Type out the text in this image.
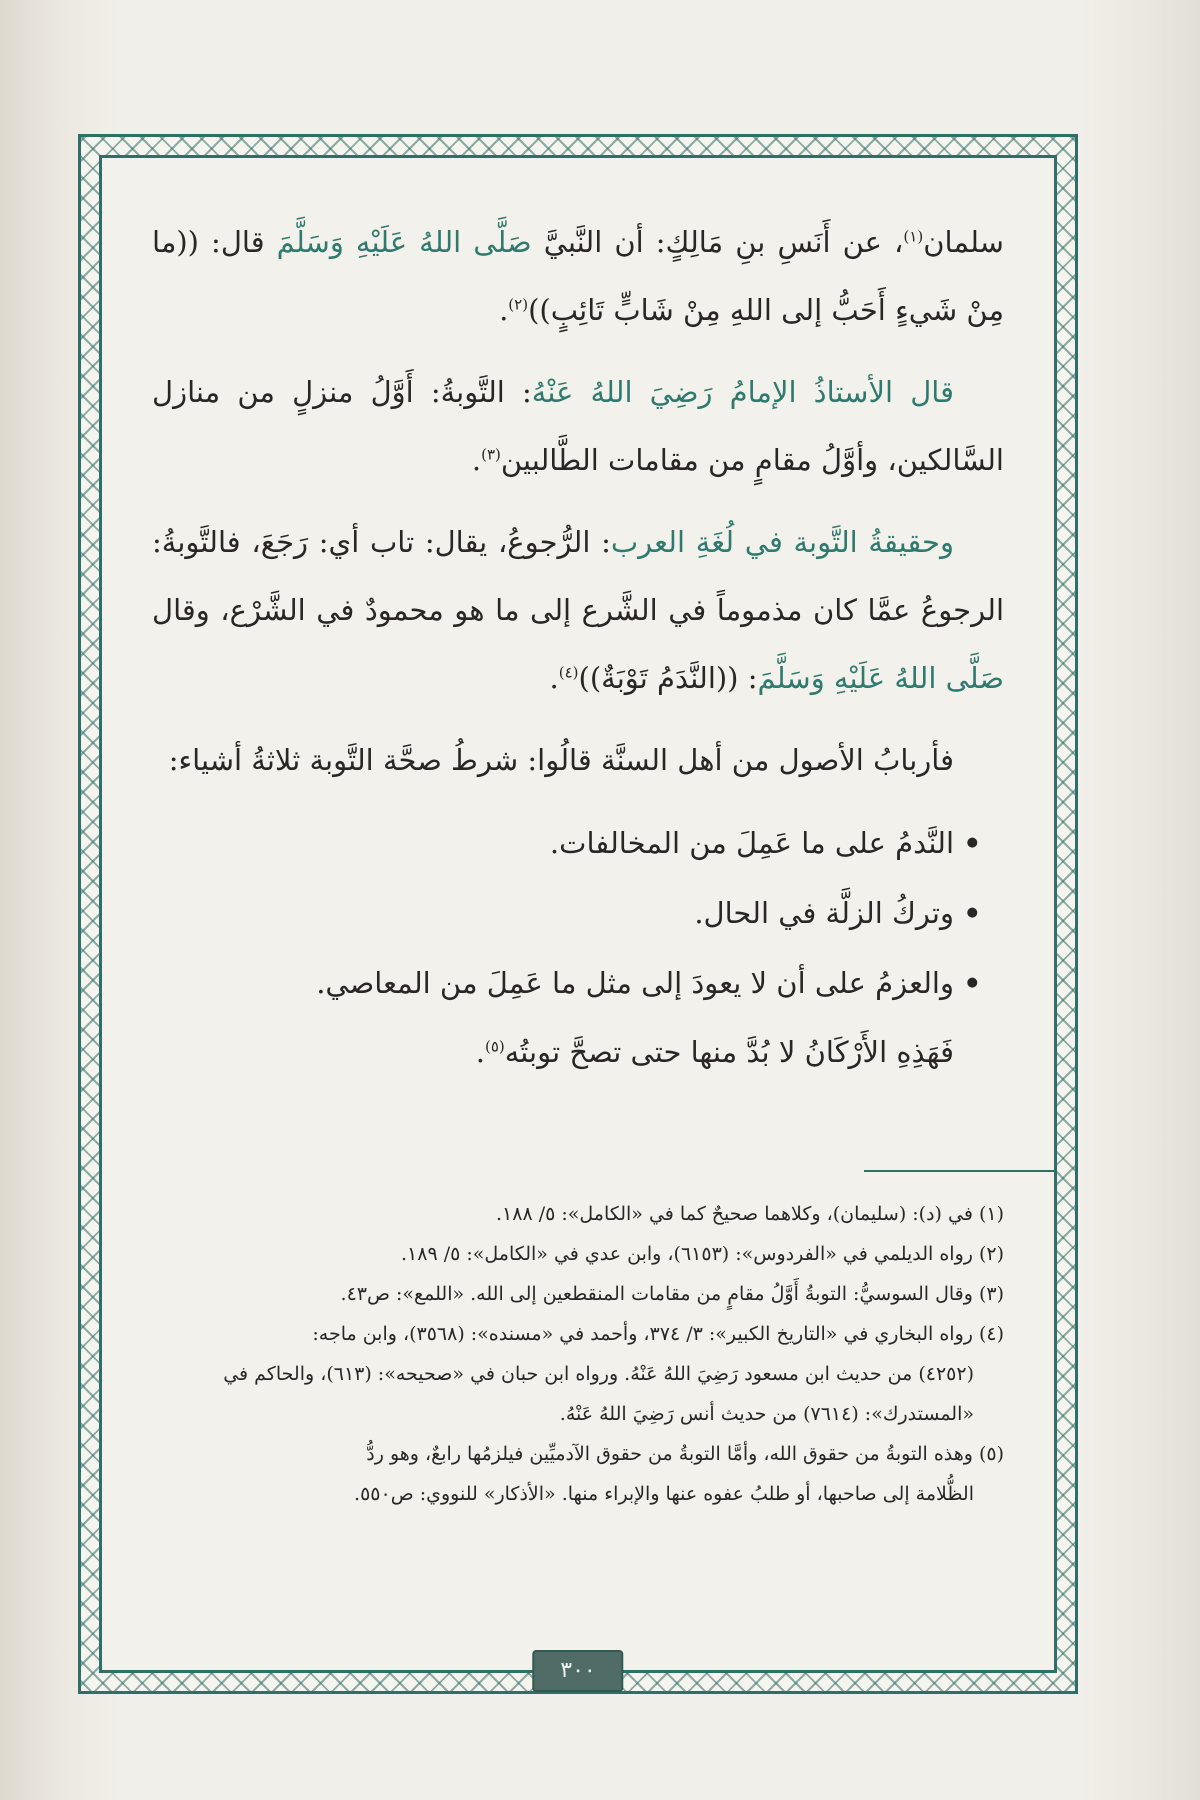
سلمان$^{(١)}$، عن أَنَسِ بنِ مَالِكٍ: أن النَّبيَّ صَلَّى اللهُ عَلَيْهِ وَسَلَّمَ قال: ((ما مِنْ شَيءٍ أَحَبُّ إلى اللهِ مِنْ شَابٍّ تَائِبٍ))$^{(٢)}$.

قال الأستاذُ الإمامُ رَضِيَ اللهُ عَنْهُ: التَّوبةُ: أَوَّلُ منزلٍ من منازل السَّالكين، وأوَّلُ مقامٍ من مقامات الطَّالبين$^{(٣)}$.

وحقيقةُ التَّوبة في لُغَةِ العرب: الرُّجوعُ، يقال: تاب أي: رَجَعَ، فالتَّوبةُ: الرجوعُ عمَّا كان مذموماً في الشَّرع إلى ما هو محمودٌ في الشَّرْع، وقال صَلَّى اللهُ عَلَيْهِ وَسَلَّمَ: ((النَّدَمُ تَوْبَةٌ))$^{(٤)}$.

فأربابُ الأصول من أهل السنَّة قالُوا: شرطُ صحَّة التَّوبة ثلاثةُ أشياء:

● النَّدمُ على ما عَمِلَ من المخالفات.
● وتركُ الزلَّة في الحال.
● والعزمُ على أن لا يعودَ إلى مثل ما عَمِلَ من المعاصي.

فَهَذِهِ الأَرْكَانُ لا بُدَّ منها حتى تصحَّ توبتُه$^{(٥)}$.

(١)في (د): (سليمان)، وكلاهما صحيحٌ كما في «الكامل»: ٥/ ١٨٨.

(٢)رواه الديلمي في «الفردوس»: (٦١٥٣)، وابن عدي في «الكامل»: ٥/ ١٨٩.

(٣)وقال السوسيُّ: التوبةُ أَوَّلُ مقامٍ من مقامات المنقطعين إلى الله. «اللمع»: ص٤٣.

(٤)رواه البخاري في «التاريخ الكبير»: ٣/ ٣٧٤، وأحمد في «مسنده»: (٣٥٦٨)، وابن ماجه:
(٤٢٥٢) من حديث ابن مسعود رَضِيَ اللهُ عَنْهُ. ورواه ابن حبان في «صحيحه»: (٦١٣)، والحاكم في «المستدرك»: (٧٦١٤) من حديث أنس رَضِيَ اللهُ عَنْهُ.

(٥)وهذه التوبةُ من حقوق الله، وأمَّا التوبةُ من حقوق الآدميِّين فيلزمُها رابعٌ، وهو ردُّ
الظُّلامة إلى صاحبها، أو طلبُ عفوه عنها والإبراء منها. «الأذكار» للنووي: ص٥٥٠.

٣٠٠
